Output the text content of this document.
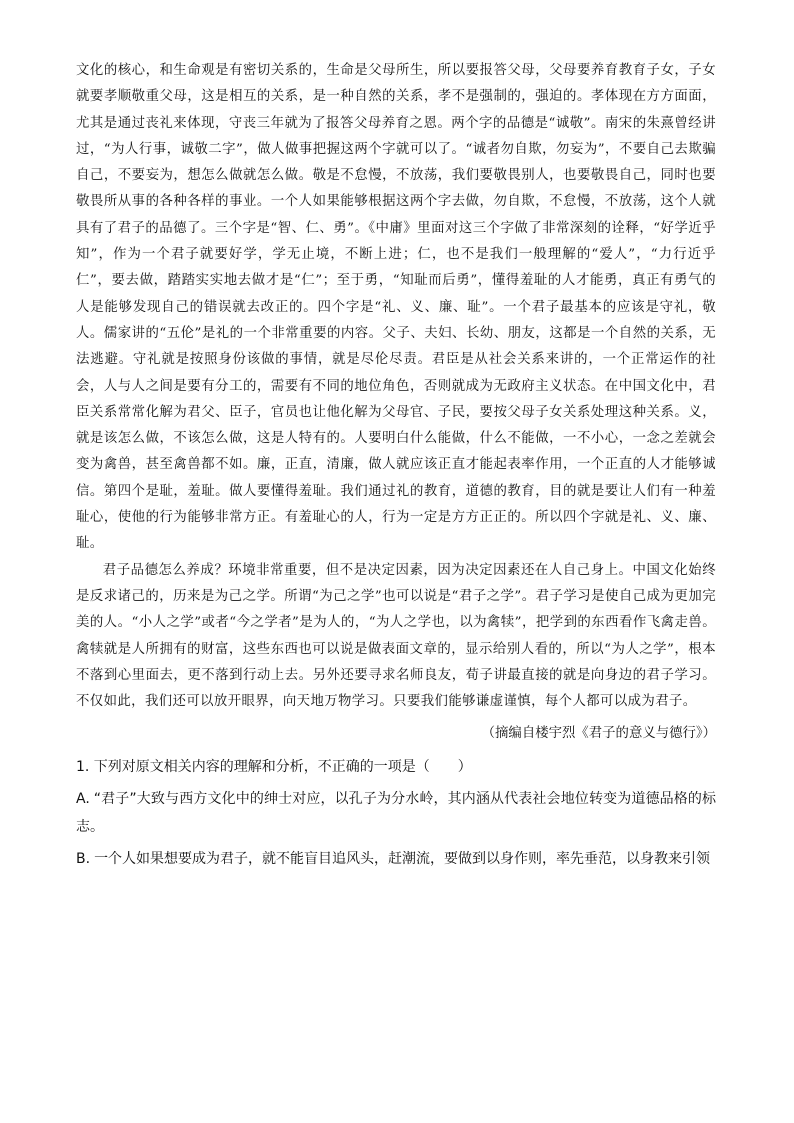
文化的核心，和生命观是有密切关系的，生命是父母所生，所以要报答父母，父母要养育教育子女，子女就要孝顺敬重父母，这是相互的关系，是一种自然的关系，孝不是强制的，强迫的。孝体现在方方面面，尤其是通过丧礼来体现，守丧三年就为了报答父母养育之恩。两个字的品德是“诚敬”。南宋的朱熹曾经讲过，“为人行事，诚敬二字”，做人做事把握这两个字就可以了。“诚者勿自欺，勿妄为”，不要自己去欺骗自己，不要妄为，想怎么做就怎么做。敬是不怠慢，不放荡，我们要敬畏别人，也要敬畏自己，同时也要敬畏所从事的各种各样的事业。一个人如果能够根据这两个字去做，勿自欺，不怠慢，不放荡，这个人就具有了君子的品德了。三个字是“智、仁、勇”。《中庸》里面对这三个字做了非常深刻的诠释，“好学近乎知”，作为一个君子就要好学，学无止境，不断上进；仁，也不是我们一般理解的“爱人”，“力行近乎仁”，要去做，踏踏实实地去做才是“仁”；至于勇，“知耻而后勇”，懂得羞耻的人才能勇，真正有勇气的人是能够发现自己的错误就去改正的。四个字是“礼、义、廉、耻”。一个君子最基本的应该是守礼，敬人。儒家讲的“五伦”是礼的一个非常重要的内容。父子、夫妇、长幼、朋友，这都是一个自然的关系，无法逃避。守礼就是按照身份该做的事情，就是尽伦尽责。君臣是从社会关系来讲的，一个正常运作的社会，人与人之间是要有分工的，需要有不同的地位角色，否则就成为无政府主义状态。在中国文化中，君臣关系常常化解为君父、臣子，官员也让他化解为父母官、子民，要按父母子女关系处理这种关系。义，就是该怎么做，不该怎么做，这是人特有的。人要明白什么能做，什么不能做，一不小心，一念之差就会变为禽兽，甚至禽兽都不如。廉，正直，清廉，做人就应该正直才能起表率作用，一个正直的人才能够诚信。第四个是耻，羞耻。做人要懂得羞耻。我们通过礼的教育，道德的教育，目的就是要让人们有一种羞耻心，使他的行为能够非常方正。有羞耻心的人，行为一定是方方正正的。所以四个字就是礼、义、廉、耻。

君子品德怎么养成？环境非常重要，但不是决定因素，因为决定因素还在人自己身上。中国文化始终是反求诸己的，历来是为己之学。所谓“为己之学”也可以说是“君子之学”。君子学习是使自己成为更加完美的人。“小人之学”或者“今之学者”是为人的，“为人之学也，以为禽犊”，把学到的东西看作飞禽走兽。禽犊就是人所拥有的财富，这些东西也可以说是做表面文章的，显示给别人看的，所以“为人之学”，根本不落到心里面去，更不落到行动上去。另外还要寻求名师良友，荀子讲最直接的就是向身边的君子学习。不仅如此，我们还可以放开眼界，向天地万物学习。只要我们能够谦虚谨慎，每个人都可以成为君子。

（摘编自楼宇烈《君子的意义与德行》）

1. 下列对原文相关内容的理解和分析，不正确的一项是（　　）
A. “君子”大致与西方文化中的绅士对应，以孔子为分水岭，其内涵从代表社会地位转变为道德品格的标志。
B. 一个人如果想要成为君子，就不能盲目追风头，赶潮流，要做到以身作则，率先垂范，以身教来引领
